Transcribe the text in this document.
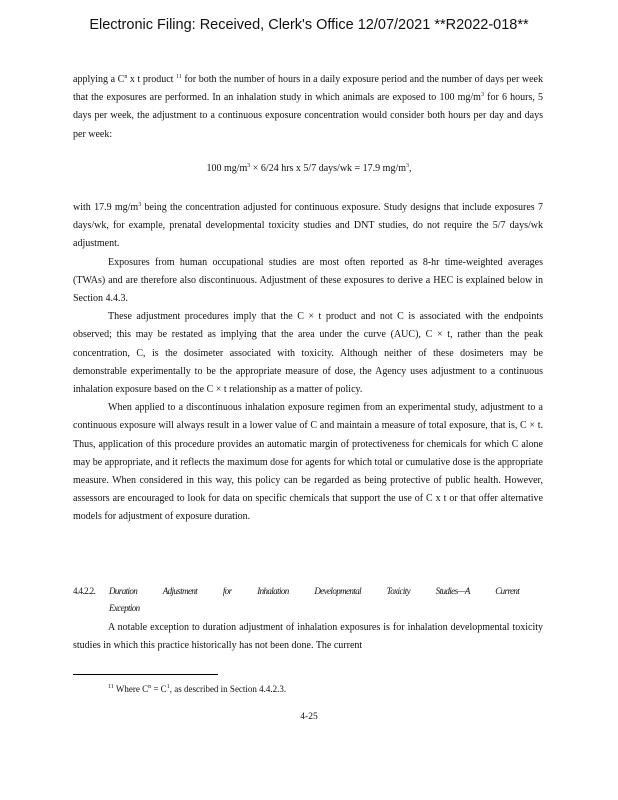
Electronic Filing: Received, Clerk's Office 12/07/2021 **R2022-018**

applying a $C^n$ x t product $^{11}$ for both the number of hours in a daily exposure period and the number of days per week that the exposures are performed. In an inhalation study in which animals are exposed to 100 $mg/m^3$ for 6 hours, 5 days per week, the adjustment to a continuous exposure concentration would consider both hours per day and days per week:

100 $mg/m^3 \times 6/24$ hrs x 5/7 days/wk = 17.9 $mg/m^3$,

with 17.9 $mg/m^3$ being the concentration adjusted for continuous exposure. Study designs that include exposures 7 days/wk, for example, prenatal developmental toxicity studies and DNT studies, do not require the 5/7 days/wk adjustment.

Exposures from human occupational studies are most often reported as 8-hr time-weighted averages (TWAs) and are therefore also discontinuous. Adjustment of these exposures to derive a HEC is explained below in Section 4.4.3.

These adjustment procedures imply that the C × t product and not C is associated with the endpoints observed; this may be restated as implying that the area under the curve (AUC), C × t, rather than the peak concentration, C, is the dosimeter associated with toxicity. Although neither of these dosimeters may be demonstrable experimentally to be the appropriate measure of dose, the Agency uses adjustment to a continuous inhalation exposure based on the C × t relationship as a matter of policy.

When applied to a discontinuous inhalation exposure regimen from an experimental study, adjustment to a continuous exposure will always result in a lower value of C and maintain a measure of total exposure, that is, C × t. Thus, application of this procedure provides an automatic margin of protectiveness for chemicals for which C alone may be appropriate, and it reflects the maximum dose for agents for which total or cumulative dose is the appropriate measure. When considered in this way, this policy can be regarded as being protective of public health. However, assessors are encouraged to look for data on specific chemicals that support the use of C x t or that offer alternative models for adjustment of exposure duration.

4.4.2.2. Duration Adjustment for Inhalation Developmental Toxicity Studies—A Current
Exception

A notable exception to duration adjustment of inhalation exposures is for inhalation developmental toxicity studies in which this practice historically has not been done. The current

$^{11}$ Where $C^n = C^1$, as described in Section 4.4.2.3.
4-25
